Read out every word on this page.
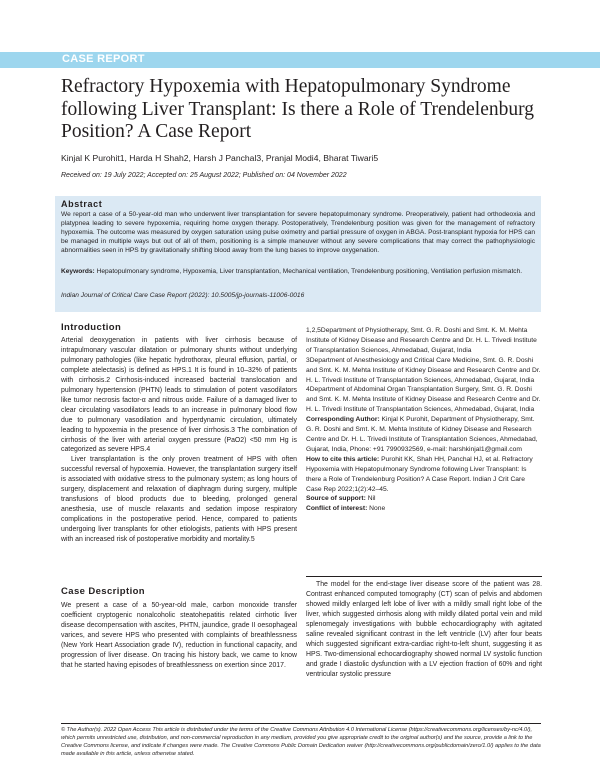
CASE REPORT
Refractory Hypoxemia with Hepatopulmonary Syndrome following Liver Transplant: Is there a Role of Trendelenburg Position? A Case Report
Kinjal K Purohit1, Harda H Shah2, Harsh J Panchal3, Pranjal Modi4, Bharat Tiwari5
Received on: 19 July 2022; Accepted on: 25 August 2022; Published on: 04 November 2022
Abstract

We report a case of a 50-year-old man who underwent liver transplantation for severe hepatopulmonary syndrome. Preoperatively, patient had orthodeoxia and platypnea leading to severe hypoxemia, requiring home oxygen therapy. Postoperatively, Trendelenburg position was given for the management of refractory hypoxemia. The outcome was measured by oxygen saturation using pulse oximetry and partial pressure of oxygen in ABGA. Post-transplant hypoxia for HPS can be managed in multiple ways but out of all of them, positioning is a simple maneuver without any severe complications that may correct the pathophysiologic abnormalities seen in HPS by gravitationally shifting blood away from the lung bases to improve oxygenation.

Keywords: Hepatopulmonary syndrome, Hypoxemia, Liver transplantation, Mechanical ventilation, Trendelenburg positioning, Ventilation perfusion mismatch.

Indian Journal of Critical Care Case Report (2022): 10.5005/jp-journals-11006-0016
Introduction

Arterial deoxygenation in patients with liver cirrhosis because of intrapulmonary vascular dilatation or pulmonary shunts without underlying pulmonary pathologies (like hepatic hydrothorax, pleural effusion, partial, or complete atelectasis) is defined as HPS.1 It is found in 10–32% of patients with cirrhosis.2 Cirrhosis-induced increased bacterial translocation and pulmonary hypertension (PHTN) leads to stimulation of potent vasodilators like tumor necrosis factor-α and nitrous oxide. Failure of a damaged liver to clear circulating vasodilators leads to an increase in pulmonary blood flow due to pulmonary vasodilation and hyperdynamic circulation, ultimately leading to hypoxemia in the presence of liver cirrhosis.3 The combination of cirrhosis of the liver with arterial oxygen pressure (PaO2) <50 mm Hg is categorized as severe HPS.4

Liver transplantation is the only proven treatment of HPS with often successful reversal of hypoxemia. However, the transplantation surgery itself is associated with oxidative stress to the pulmonary system; as long hours of surgery, displacement and relaxation of diaphragm during surgery, multiple transfusions of blood products due to bleeding, prolonged general anesthesia, use of muscle relaxants and sedation impose respiratory complications in the postoperative period. Hence, compared to patients undergoing liver transplants for other etiologists, patients with HPS present with an increased risk of postoperative morbidity and mortality.5

Case Description

We present a case of a 50-year-old male, carbon monoxide transfer coefficient cryptogenic nonalcoholic steatohepatitis related cirrhotic liver disease decompensation with ascites, PHTN, jaundice, grade II oesophageal varices, and severe HPS who presented with complaints of breathlessness (New York Heart Association grade IV), reduction in functional capacity, and progression of liver disease. On tracing his history back, we came to know that he started having episodes of breathlessness on exertion since 2017.

1,2,5Department of Physiotherapy, Smt. G. R. Doshi and Smt. K. M. Mehta Institute of Kidney Disease and Research Centre and Dr. H. L. Trivedi Institute of Transplantation Sciences, Ahmedabad, Gujarat, India

3Department of Anesthesiology and Critical Care Medicine, Smt. G. R. Doshi and Smt. K. M. Mehta Institute of Kidney Disease and Research Centre and Dr. H. L. Trivedi Institute of Transplantation Sciences, Ahmedabad, Gujarat, India

4Department of Abdominal Organ Transplantation Surgery, Smt. G. R. Doshi and Smt. K. M. Mehta Institute of Kidney Disease and Research Centre and Dr. H. L. Trivedi Institute of Transplantation Sciences, Ahmedabad, Gujarat, India

Corresponding Author: Kinjal K Purohit, Department of Physiotherapy, Smt. G. R. Doshi and Smt. K. M. Mehta Institute of Kidney Disease and Research Centre and Dr. H. L. Trivedi Institute of Transplantation Sciences, Ahmedabad, Gujarat, India, Phone: +91 7990932569, e-mail: harshkinjal1@gmail.com

How to cite this article: Purohit KK, Shah HH, Panchal HJ, et al. Refractory Hypoxemia with Hepatopulmonary Syndrome following Liver Transplant: Is there a Role of Trendelenburg Position? A Case Report. Indian J Crit Care Case Rep 2022;1(2):42–45.

Source of support: Nil

Conflict of interest: None

The model for the end-stage liver disease score of the patient was 28. Contrast enhanced computed tomography (CT) scan of pelvis and abdomen showed mildly enlarged left lobe of liver with a mildly small right lobe of the liver, which suggested cirrhosis along with mildly dilated portal vein and mild splenomegaly investigations with bubble echocardiography with agitated saline revealed significant contrast in the left ventricle (LV) after four beats which suggested significant extra-cardiac right-to-left shunt, suggesting it as HPS. Two-dimensional echocardiography showed normal LV systolic function and grade I diastolic dysfunction with a LV ejection fraction of 60% and right ventricular systolic pressure

© The Author(s). 2022 Open Access This article is distributed under the terms of the Creative Commons Attribution 4.0 International License (https://creativecommons.org/licenses/by-nc/4.0/), which permits unrestricted use, distribution, and non-commercial reproduction in any medium, provided you give appropriate credit to the original author(s) and the source, provide a link to the Creative Commons license, and indicate if changes were made. The Creative Commons Public Domain Dedication waiver (http://creativecommons.org/publicdomain/zero/1.0/) applies to the data made available in this article, unless otherwise stated.
